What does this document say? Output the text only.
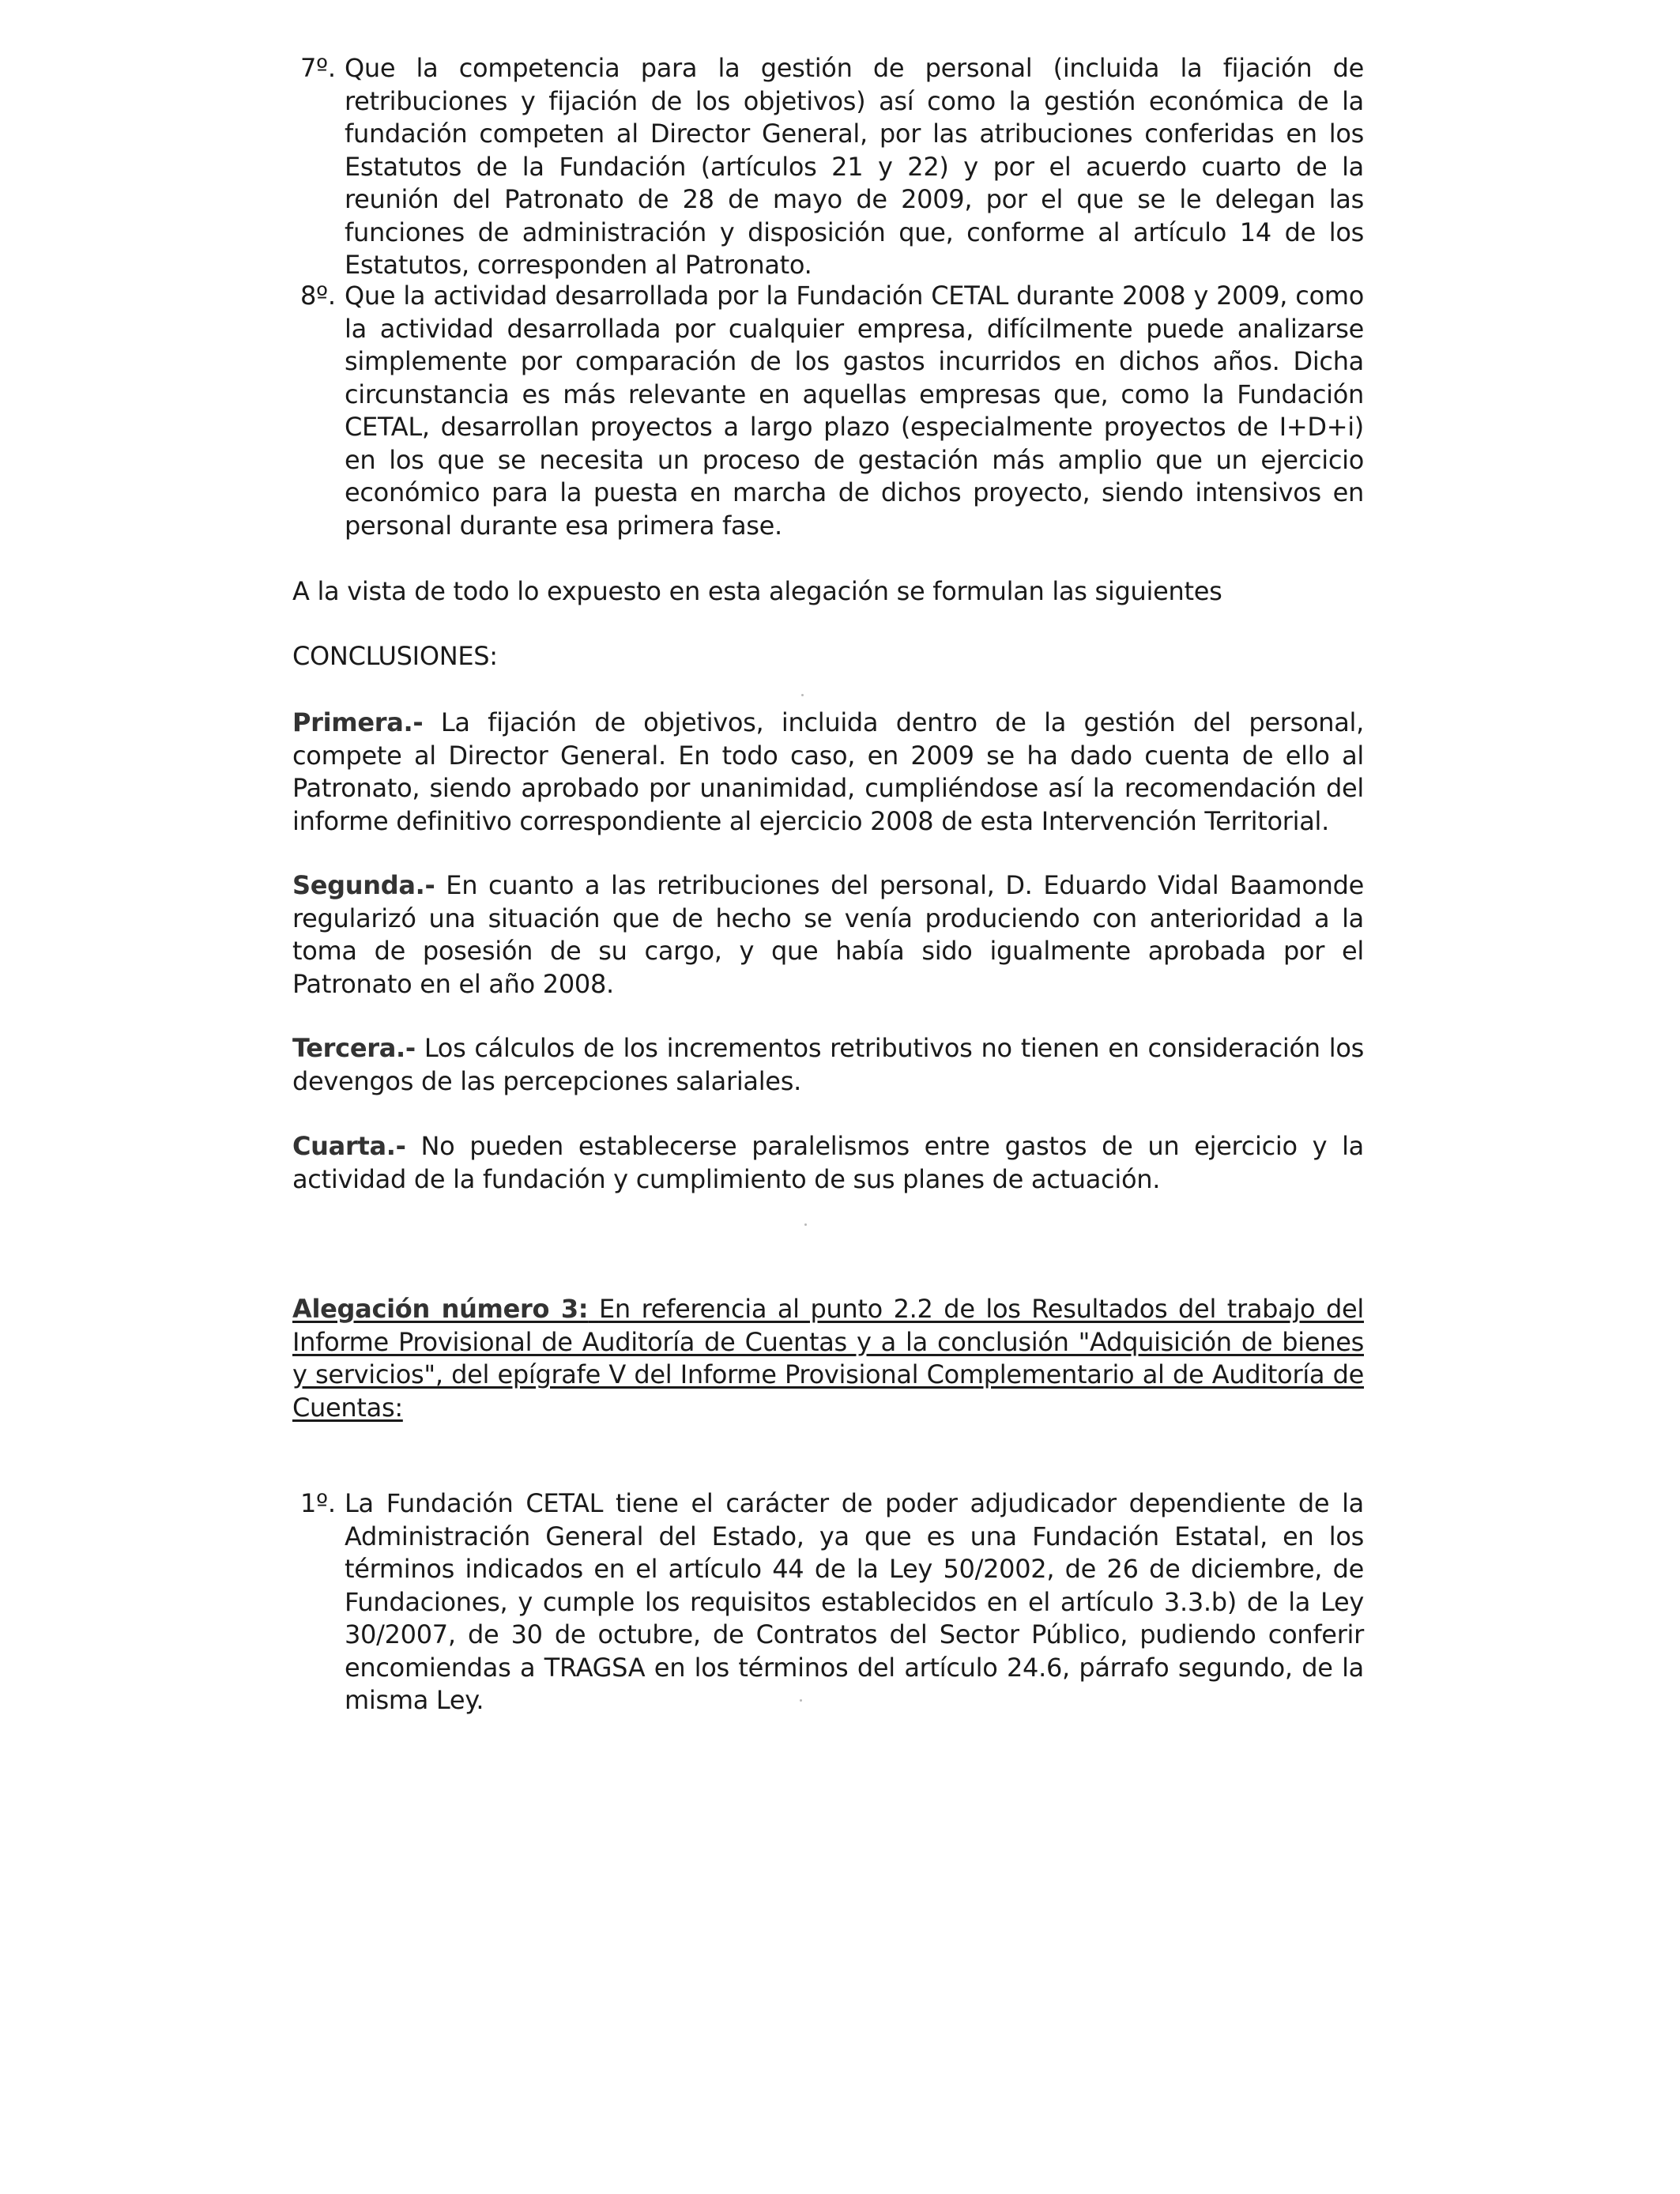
7º. Que la competencia para la gestión de personal (incluida la fijación de retribuciones y fijación de los objetivos) así como la gestión económica de la fundación competen al Director General, por las atribuciones conferidas en los Estatutos de la Fundación (artículos 21 y 22) y por el acuerdo cuarto de la reunión del Patronato de 28 de mayo de 2009, por el que se le delegan las funciones de administración y disposición que, conforme al artículo 14 de los Estatutos, corresponden al Patronato.
8º. Que la actividad desarrollada por la Fundación CETAL durante 2008 y 2009, como la actividad desarrollada por cualquier empresa, difícilmente puede analizarse simplemente por comparación de los gastos incurridos en dichos años. Dicha circunstancia es más relevante en aquellas empresas que, como la Fundación CETAL, desarrollan proyectos a largo plazo (especialmente proyectos de I+D+i) en los que se necesita un proceso de gestación más amplio que un ejercicio económico para la puesta en marcha de dichos proyecto, siendo intensivos en personal durante esa primera fase.
A la vista de todo lo expuesto en esta alegación se formulan las siguientes
CONCLUSIONES:
Primera.- La fijación de objetivos, incluida dentro de la gestión del personal, compete al Director General. En todo caso, en 2009 se ha dado cuenta de ello al Patronato, siendo aprobado por unanimidad, cumpliéndose así la recomendación del informe definitivo correspondiente al ejercicio 2008 de esta Intervención Territorial.
Segunda.- En cuanto a las retribuciones del personal, D. Eduardo Vidal Baamonde regularizó una situación que de hecho se venía produciendo con anterioridad a la toma de posesión de su cargo, y que había sido igualmente aprobada por el Patronato en el año 2008.
Tercera.- Los cálculos de los incrementos retributivos no tienen en consideración los devengos de las percepciones salariales.
Cuarta.- No pueden establecerse paralelismos entre gastos de un ejercicio y la actividad de la fundación y cumplimiento de sus planes de actuación.
Alegación número 3: En referencia al punto 2.2 de los Resultados del trabajo del Informe Provisional de Auditoría de Cuentas y a la conclusión "Adquisición de bienes y servicios", del epígrafe V del Informe Provisional Complementario al de Auditoría de Cuentas:
1º. La Fundación CETAL tiene el carácter de poder adjudicador dependiente de la Administración General del Estado, ya que es una Fundación Estatal, en los términos indicados en el artículo 44 de la Ley 50/2002, de 26 de diciembre, de Fundaciones, y cumple los requisitos establecidos en el artículo 3.3.b) de la Ley 30/2007, de 30 de octubre, de Contratos del Sector Público, pudiendo conferir encomiendas a TRAGSA en los términos del artículo 24.6, párrafo segundo, de la misma Ley.
